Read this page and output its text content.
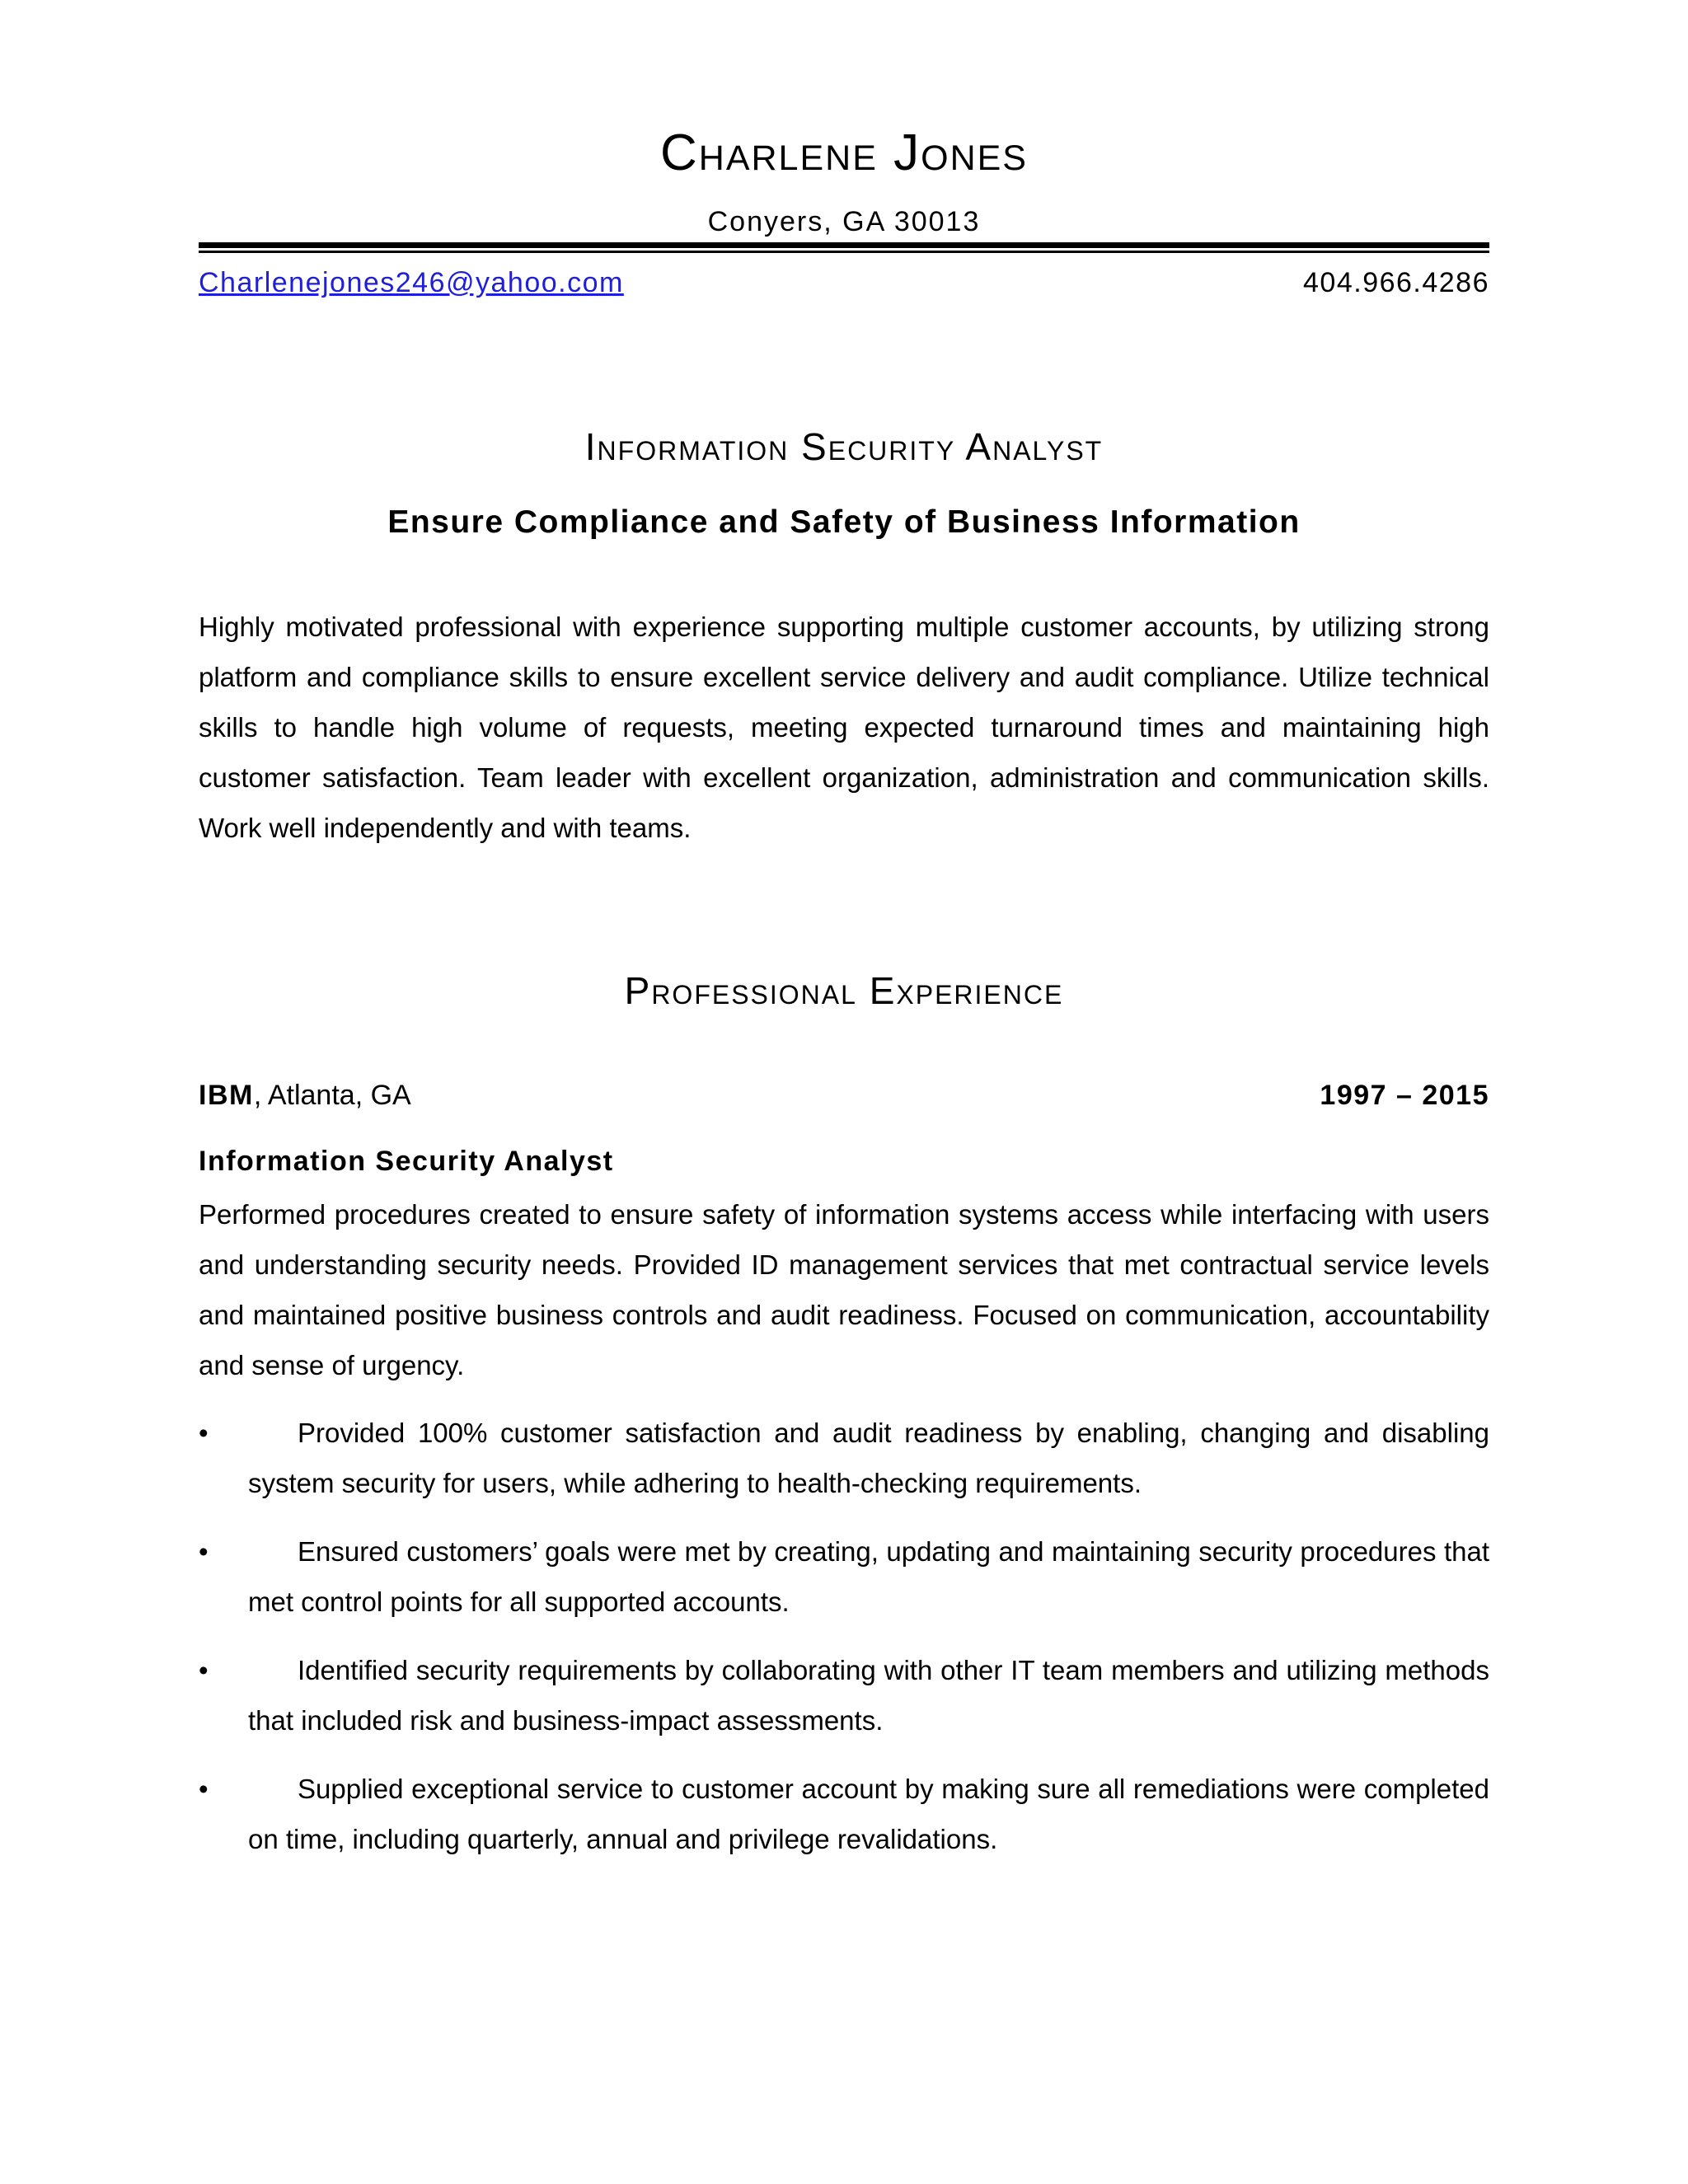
Charlene Jones
Conyers, GA 30013
Charlenejones246@yahoo.com	404.966.4286
Information Security Analyst
Ensure Compliance and Safety of Business Information

Highly motivated professional with experience supporting multiple customer accounts, by utilizing strong platform and compliance skills to ensure excellent service delivery and audit compliance. Utilize technical skills to handle high volume of requests, meeting expected turnaround times and maintaining high customer satisfaction. Team leader with excellent organization, administration and communication skills. Work well independently and with teams.

Professional Experience
IBM, Atlanta, GA	1997 – 2015
Information Security Analyst

Performed procedures created to ensure safety of information systems access while interfacing with users and understanding security needs. Provided ID management services that met contractual service levels and maintained positive business controls and audit readiness. Focused on communication, accountability and sense of urgency.

•	Provided 100% customer satisfaction and audit readiness by enabling, changing and disabling system security for users, while adhering to health-checking requirements.
•	Ensured customers’ goals were met by creating, updating and maintaining security procedures that met control points for all supported accounts.
•	Identified security requirements by collaborating with other IT team members and utilizing methods that included risk and business-impact assessments.
•	Supplied exceptional service to customer account by making sure all remediations were completed on time, including quarterly, annual and privilege revalidations.
